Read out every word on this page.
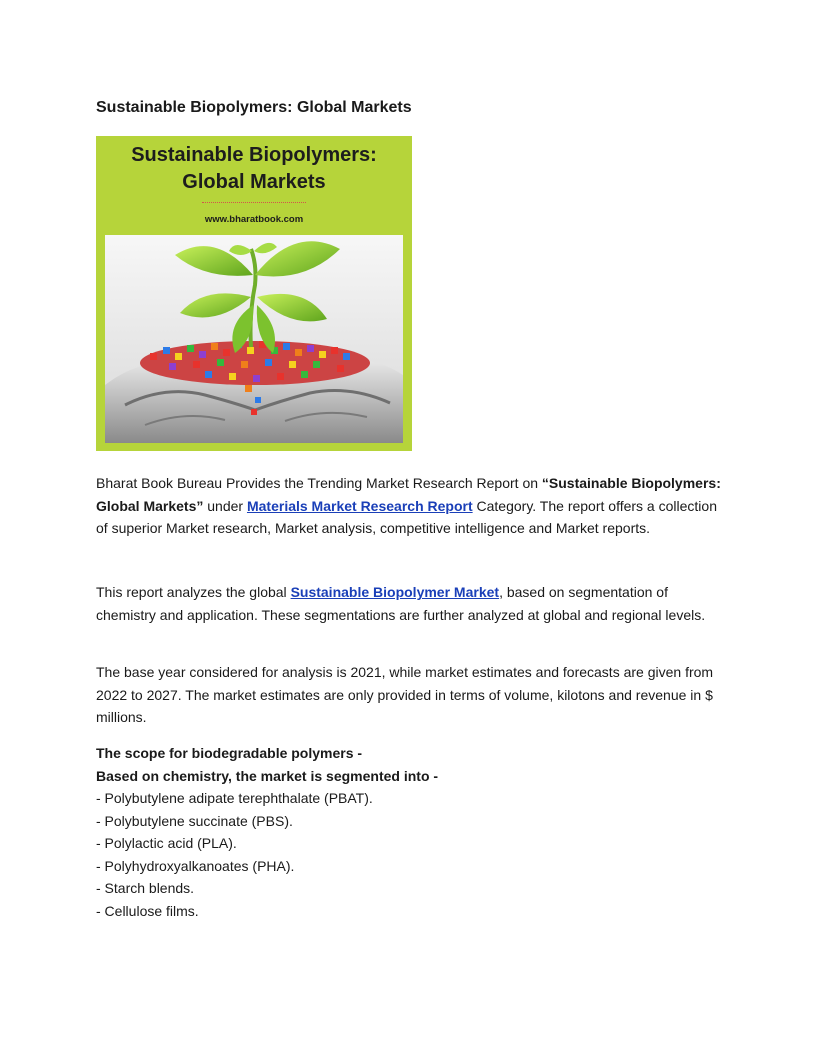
Sustainable Biopolymers: Global Markets
Sustainable Biopolymers:
Global Markets
www.bharatbook.com

Bharat Book Bureau Provides the Trending Market Research Report on “Sustainable Biopolymers: Global Markets” under Materials Market Research Report Category. The report offers a collection of superior Market research, Market analysis, competitive intelligence and Market reports.

This report analyzes the global Sustainable Biopolymer Market, based on segmentation of chemistry and application. These segmentations are further analyzed at global and regional levels.

The base year considered for analysis is 2021, while market estimates and forecasts are given from 2022 to 2027. The market estimates are only provided in terms of volume, kilotons and revenue in $ millions.

The scope for biodegradable polymers -
Based on chemistry, the market is segmented into -
- Polybutylene adipate terephthalate (PBAT).
- Polybutylene succinate (PBS).
- Polylactic acid (PLA).
- Polyhydroxyalkanoates (PHA).
- Starch blends.
- Cellulose films.
